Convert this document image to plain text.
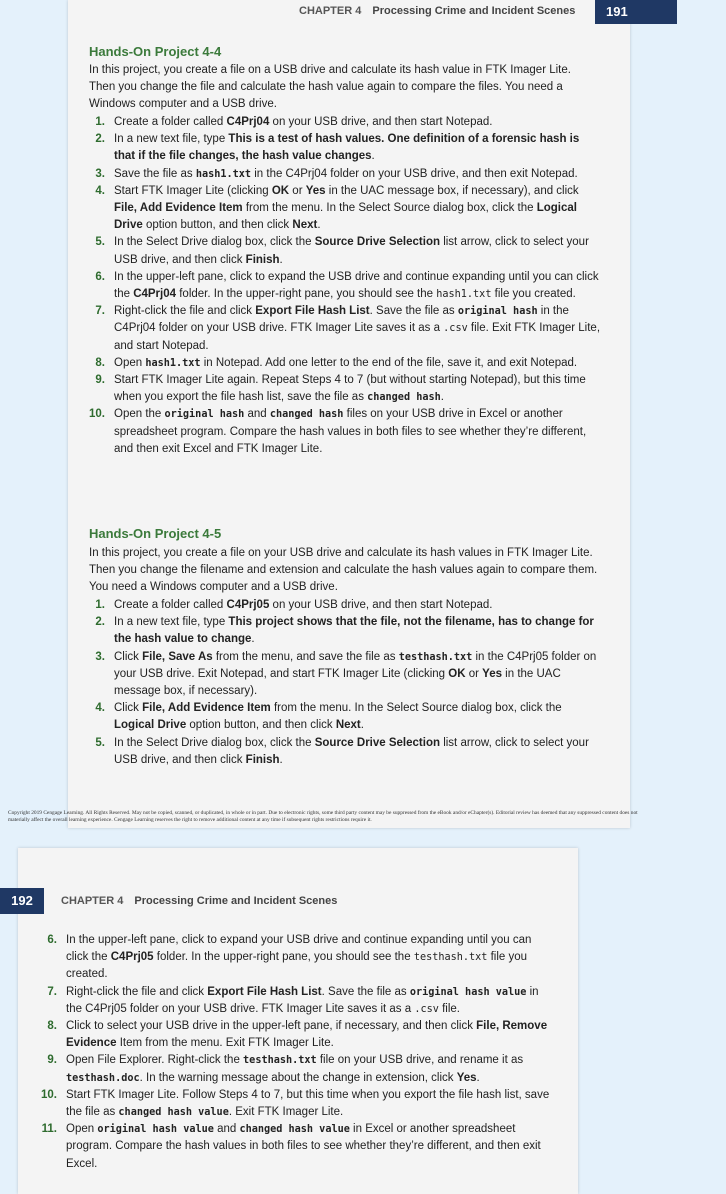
CHAPTER 4 Processing Crime and Incident Scenes
Hands-On Project 4-4
In this project, you create a file on a USB drive and calculate its hash value in FTK Imager Lite. Then you change the file and calculate the hash value again to compare the files. You need a Windows computer and a USB drive.
1. Create a folder called C4Prj04 on your USB drive, and then start Notepad.
2. In a new text file, type This is a test of hash values. One definition of a forensic hash is that if the file changes, the hash value changes.
3. Save the file as hash1.txt in the C4Prj04 folder on your USB drive, and then exit Notepad.
4. Start FTK Imager Lite (clicking OK or Yes in the UAC message box, if necessary), and click File, Add Evidence Item from the menu. In the Select Source dialog box, click the Logical Drive option button, and then click Next.
5. In the Select Drive dialog box, click the Source Drive Selection list arrow, click to select your USB drive, and then click Finish.
6. In the upper-left pane, click to expand the USB drive and continue expanding until you can click the C4Prj04 folder. In the upper-right pane, you should see the hash1.txt file you created.
7. Right-click the file and click Export File Hash List. Save the file as original hash in the C4Prj04 folder on your USB drive. FTK Imager Lite saves it as a .csv file. Exit FTK Imager Lite, and start Notepad.
8. Open hash1.txt in Notepad. Add one letter to the end of the file, save it, and exit Notepad.
9. Start FTK Imager Lite again. Repeat Steps 4 to 7 (but without starting Notepad), but this time when you export the file hash list, save the file as changed hash.
10. Open the original hash and changed hash files on your USB drive in Excel or another spreadsheet program. Compare the hash values in both files to see whether they’re different, and then exit Excel and FTK Imager Lite.
Hands-On Project 4-5
In this project, you create a file on your USB drive and calculate its hash values in FTK Imager Lite. Then you change the filename and extension and calculate the hash values again to compare them. You need a Windows computer and a USB drive.
1. Create a folder called C4Prj05 on your USB drive, and then start Notepad.
2. In a new text file, type This project shows that the file, not the filename, has to change for the hash value to change.
3. Click File, Save As from the menu, and save the file as testhash.txt in the C4Prj05 folder on your USB drive. Exit Notepad, and start FTK Imager Lite (clicking OK or Yes in the UAC message box, if necessary).
4. Click File, Add Evidence Item from the menu. In the Select Source dialog box, click the Logical Drive option button, and then click Next.
5. In the Select Drive dialog box, click the Source Drive Selection list arrow, click to select your USB drive, and then click Finish.
191
Copyright 2019 Cengage Learning. All Rights Reserved. May not be copied, scanned, or duplicated, in whole or in part. Due to electronic rights, some third party content may be suppressed from the eBook and/or eChapter(s). Editorial review has deemed that any suppressed content does not materially affect the overall learning experience. Cengage Learning reserves the right to remove additional content at any time if subsequent rights restrictions require it.
CHAPTER 4 Processing Crime and Incident Scenes
6. In the upper-left pane, click to expand your USB drive and continue expanding until you can click the C4Prj05 folder. In the upper-right pane, you should see the testhash.txt file you created.
7. Right-click the file and click Export File Hash List. Save the file as original hash value in the C4Prj05 folder on your USB drive. FTK Imager Lite saves it as a .csv file.
8. Click to select your USB drive in the upper-left pane, if necessary, and then click File, Remove Evidence Item from the menu. Exit FTK Imager Lite.
9. Open File Explorer. Right-click the testhash.txt file on your USB drive, and rename it as testhash.doc. In the warning message about the change in extension, click Yes.
10. Start FTK Imager Lite. Follow Steps 4 to 7, but this time when you export the file hash list, save the file as changed hash value. Exit FTK Imager Lite.
11. Open original hash value and changed hash value in Excel or another spreadsheet program. Compare the hash values in both files to see whether they’re different, and then exit Excel.
192
